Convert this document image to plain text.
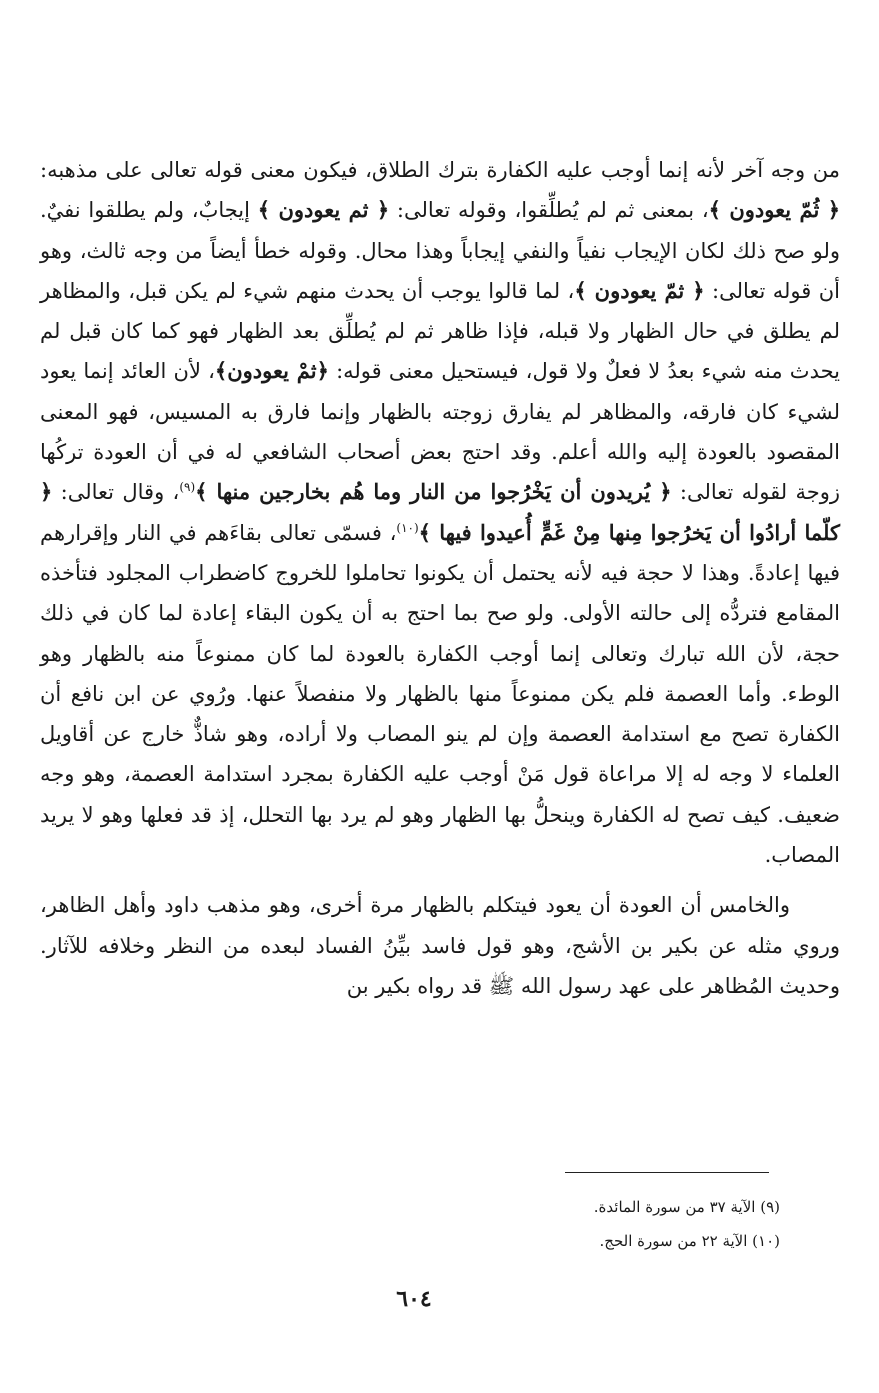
من وجه آخر لأنه إنما أوجب عليه الكفارة بترك الطلاق، فيكون معنى قوله تعالى على مذهبه: ﴿ ثُمّ يعودون ﴾، بمعنى ثم لم يُطلِّقوا، وقوله تعالى: ﴿ ثم يعودون ﴾ إيجابٌ، ولم يطلقوا نفيٌ. ولو صح ذلك لكان الإيجاب نفياً والنفي إيجاباً وهذا محال. وقوله خطأ أيضاً من وجه ثالث، وهو أن قوله تعالى: ﴿ ثمّ يعودون ﴾، لما قالوا يوجب أن يحدث منهم شيء لم يكن قبل، والمظاهر لم يطلق في حال الظهار ولا قبله، فإذا ظاهر ثم لم يُطلِّق بعد الظهار فهو كما كان قبل لم يحدث منه شيء بعدُ لا فعلٌ ولا قول، فيستحيل معنى قوله: ﴿ثمْ يعودون﴾، لأن العائد إنما يعود لشيء كان فارقه، والمظاهر لم يفارق زوجته بالظهار وإنما فارق به المسيس، فهو المعنى المقصود بالعودة إليه والله أعلم. وقد احتج بعض أصحاب الشافعي له في أن العودة تركُها زوجة لقوله تعالى: ﴿ يُريدون أن يَخْرُجوا من النار وما هُم بخارجين منها ﴾$^{(٩)}$، وقال تعالى: ﴿ كلّما أرادُوا أن يَخرُجوا مِنها مِنْ غَمٍّ أُعيدوا فيها ﴾$^{(١٠)}$، فسمّى تعالى بقاءَهم في النار وإقرارهم فيها إعادةً. وهذا لا حجة فيه لأنه يحتمل أن يكونوا تحاملوا للخروج كاضطراب المجلود فتأخذه المقامع فتردُّه إلى حالته الأولى. ولو صح بما احتج به أن يكون البقاء إعادة لما كان في ذلك حجة، لأن الله تبارك وتعالى إنما أوجب الكفارة بالعودة لما كان ممنوعاً منه بالظهار وهو الوطء. وأما العصمة فلم يكن ممنوعاً منها بالظهار ولا منفصلاً عنها. ورُوي عن ابن نافع أن الكفارة تصح مع استدامة العصمة وإن لم ينو المصاب ولا أراده، وهو شاذٌّ خارج عن أقاويل العلماء لا وجه له إلا مراعاة قول مَنْ أوجب عليه الكفارة بمجرد استدامة العصمة، وهو وجه ضعيف. كيف تصح له الكفارة وينحلُّ بها الظهار وهو لم يرد بها التحلل، إذ قد فعلها وهو لا يريد المصاب.

والخامس أن العودة أن يعود فيتكلم بالظهار مرة أخرى، وهو مذهب داود وأهل الظاهر، وروي مثله عن بكير بن الأشج، وهو قول فاسد بيِّنُ الفساد لبعده من النظر وخلافه للآثار. وحديث المُظاهر على عهد رسول الله ﷺ قد رواه بكير بن

(٩) الآية ٣٧ من سورة المائدة.

(١٠) الآية ٢٢ من سورة الحج.

٦٠٤
